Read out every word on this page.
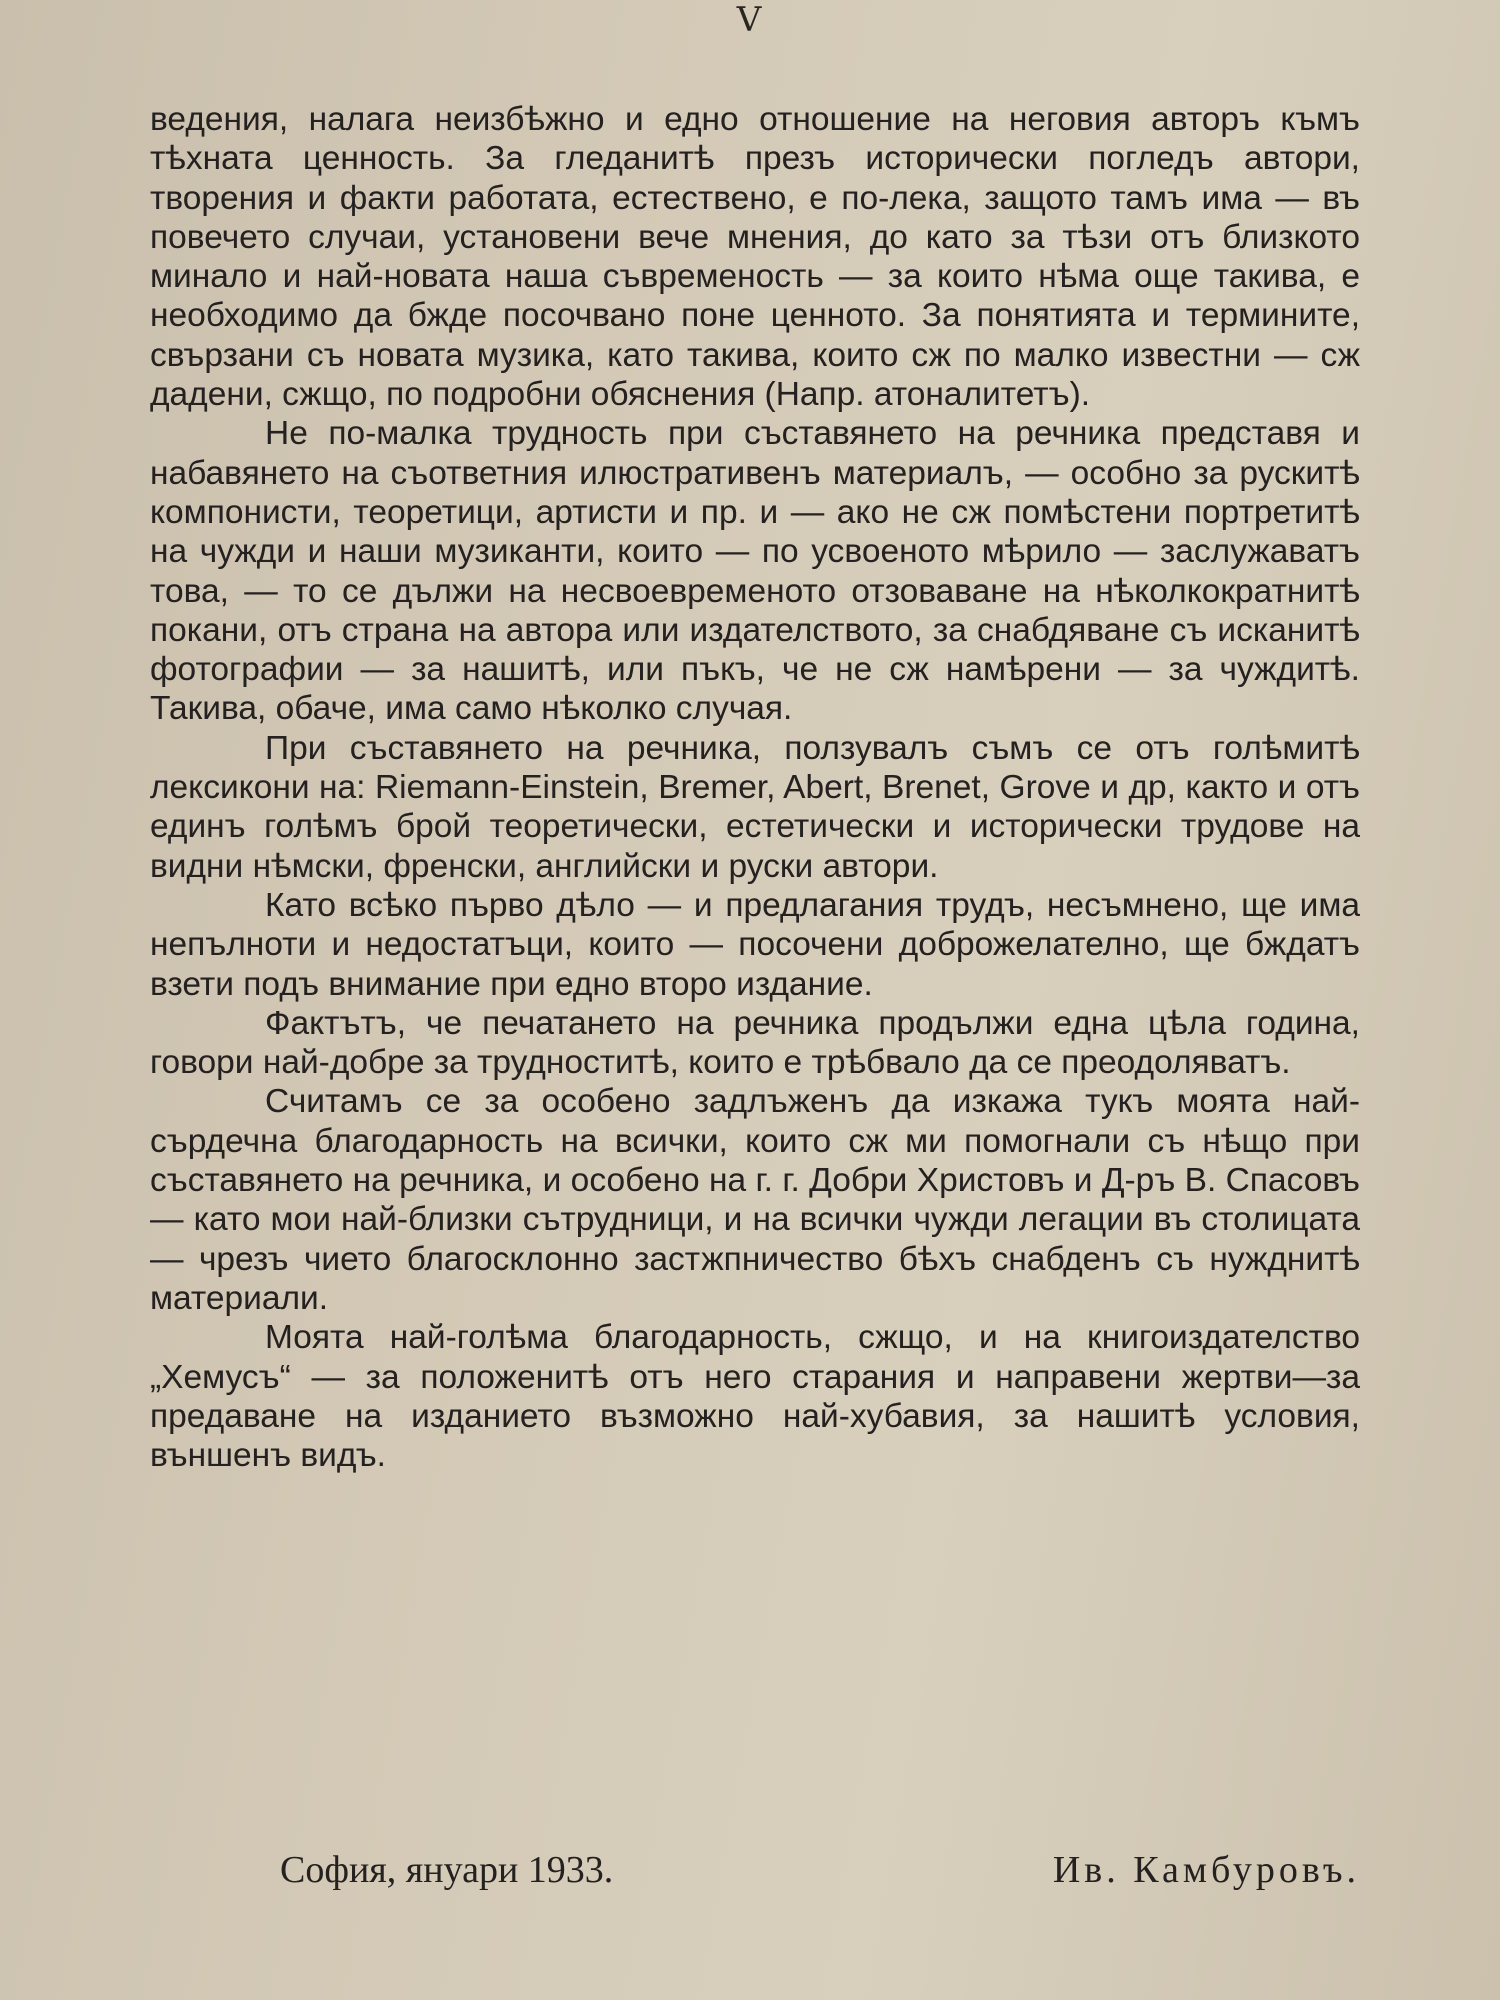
V

ведения, налага неизбѣжно и едно отношение на неговия авторъ къмъ тѣхната ценность. За гледанитѣ презъ исторически погледъ автори, творения и факти работата, естествено, е по-лека, защото тамъ има — въ повечето случаи, установени вече мнения, до като за тѣзи отъ близкото минало и най-новата наша съвременость — за които нѣма още такива, е необходимо да бжде посочвано поне ценното. За понятията и термините, свързани съ новата музика, като такива, които сж по малко известни — сж дадени, сжщо, по подробни обяснения (Напр. атоналитетъ).

Не по-малка трудность при съставянето на речника представя и набавянето на съответния илюстративенъ материалъ, — особно за рускитѣ компонисти, теоретици, артисти и пр. и — ако не сж помѣстени портретитѣ на чужди и наши музиканти, които — по усвоеното мѣрило — заслужаватъ това, — то се дължи на несвоевременото отзоваване на нѣколкократнитѣ покани, отъ страна на автора или издателството, за снабдяване съ исканитѣ фотографии — за нашитѣ, или пъкъ, че не сж намѣрени — за чуждитѣ. Такива, обаче, има само нѣколко случая.

При съставянето на речника, ползувалъ съмъ се отъ голѣмитѣ лексикони на: Riemann-Einstein, Bremer, Abert, Brenet, Grove и др, както и отъ единъ голѣмъ брой теоретически, естетически и исторически трудове на видни нѣмски, френски, английски и руски автори.

Като всѣко първо дѣло — и предлагания трудъ, несъмнено, ще има непълноти и недостатъци, които — посочени доброжелателно, ще бждатъ взети подъ внимание при едно второ издание.

Фактътъ, че печатането на речника продължи една цѣла година, говори най-добре за трудноститѣ, които е трѣбвало да се преодоляватъ.

Считамъ се за особено задлъженъ да изкажа тукъ моята най-сърдечна благодарность на всички, които сж ми помогнали съ нѣщо при съставянето на речника, и особено на г. г. Добри Христовъ и Д-ръ В. Спасовъ — като мои най-близки сътрудници, и на всички чужди легации въ столицата — чрезъ чието благосклонно застжпничество бѣхъ снабденъ съ нужднитѣ материали.

Моята най-голѣма благодарность, сжщо, и на книгоиздателство „Хемусъ“ — за положенитѣ отъ него старания и направени жертви—за предаване на изданието възможно най-хубавия, за нашитѣ условия, външенъ видъ.

София, януари 1933.	Ив. Камбуровъ.
